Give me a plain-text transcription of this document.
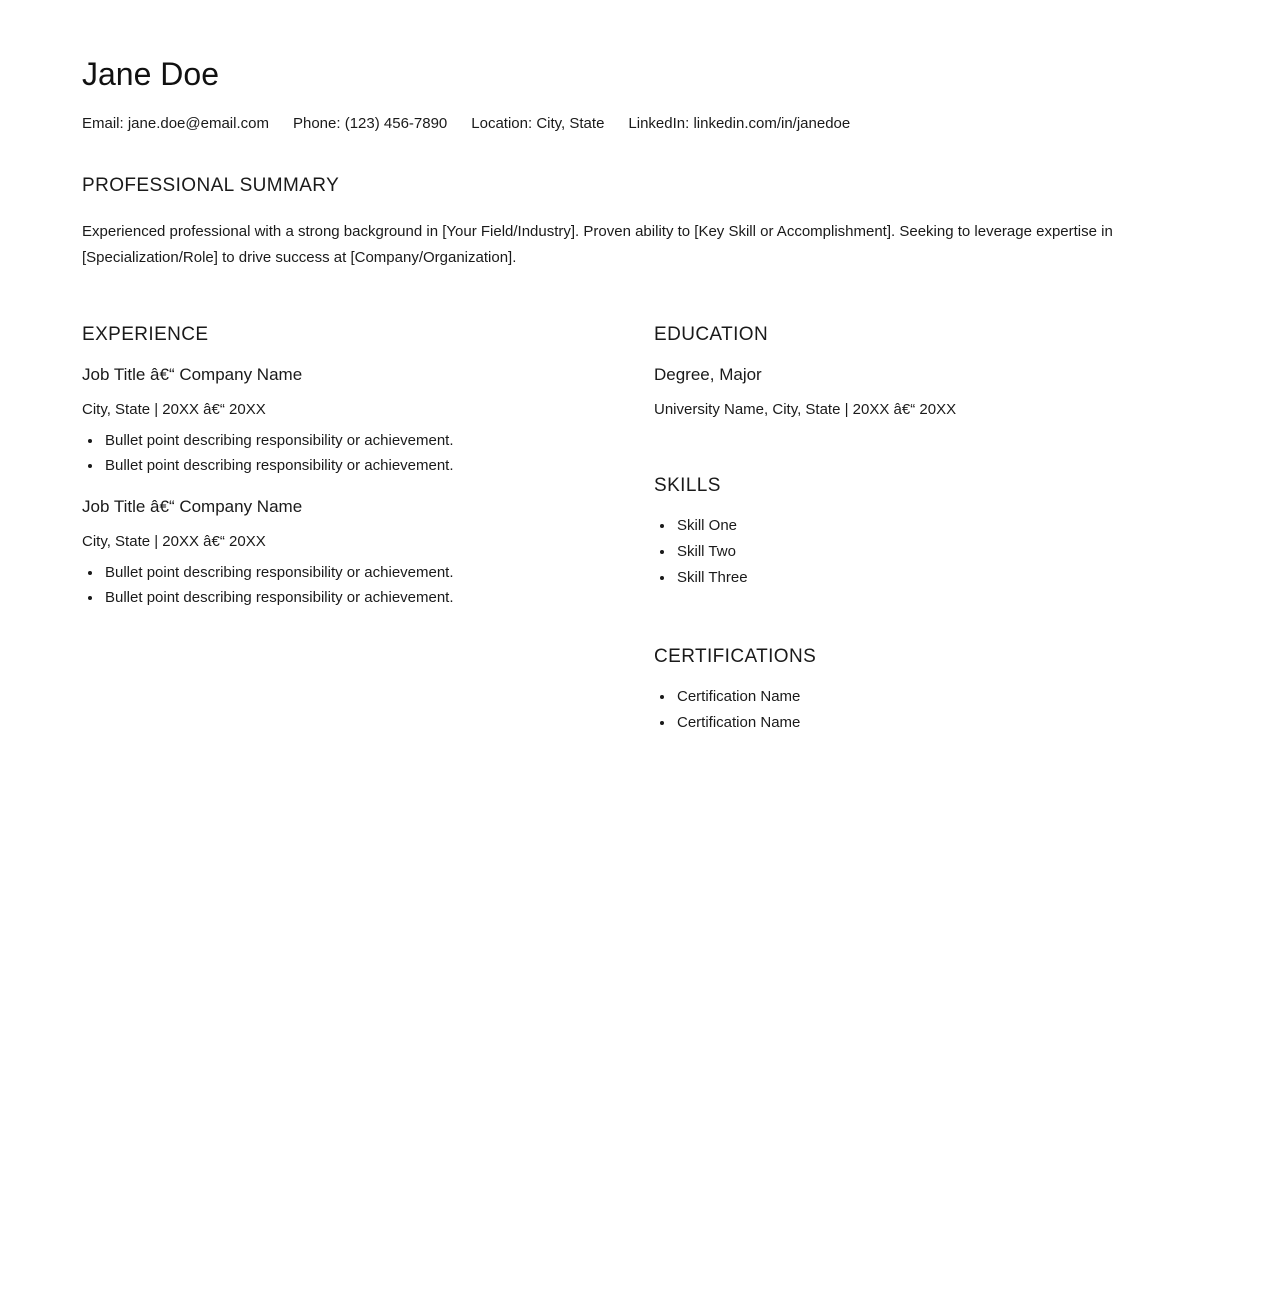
Jane Doe
Email: jane.doe@email.com Phone: (123) 456-7890 Location: City, State LinkedIn: linkedin.com/in/janedoe
PROFESSIONAL SUMMARY

Experienced professional with a strong background in [Your Field/Industry]. Proven ability to [Key Skill or Accomplishment]. Seeking to leverage expertise in [Specialization/Role] to drive success at [Company/Organization].

EXPERIENCE
Job Title â€“ Company Name

City, State | 20XX â€“ 20XX

• Bullet point describing responsibility or achievement.
• Bullet point describing responsibility or achievement.
Job Title â€“ Company Name

City, State | 20XX â€“ 20XX

• Bullet point describing responsibility or achievement.
• Bullet point describing responsibility or achievement.
EDUCATION
Degree, Major

University Name, City, State | 20XX â€“ 20XX

SKILLS
• Skill One
• Skill Two
• Skill Three
CERTIFICATIONS
• Certification Name
• Certification Name
